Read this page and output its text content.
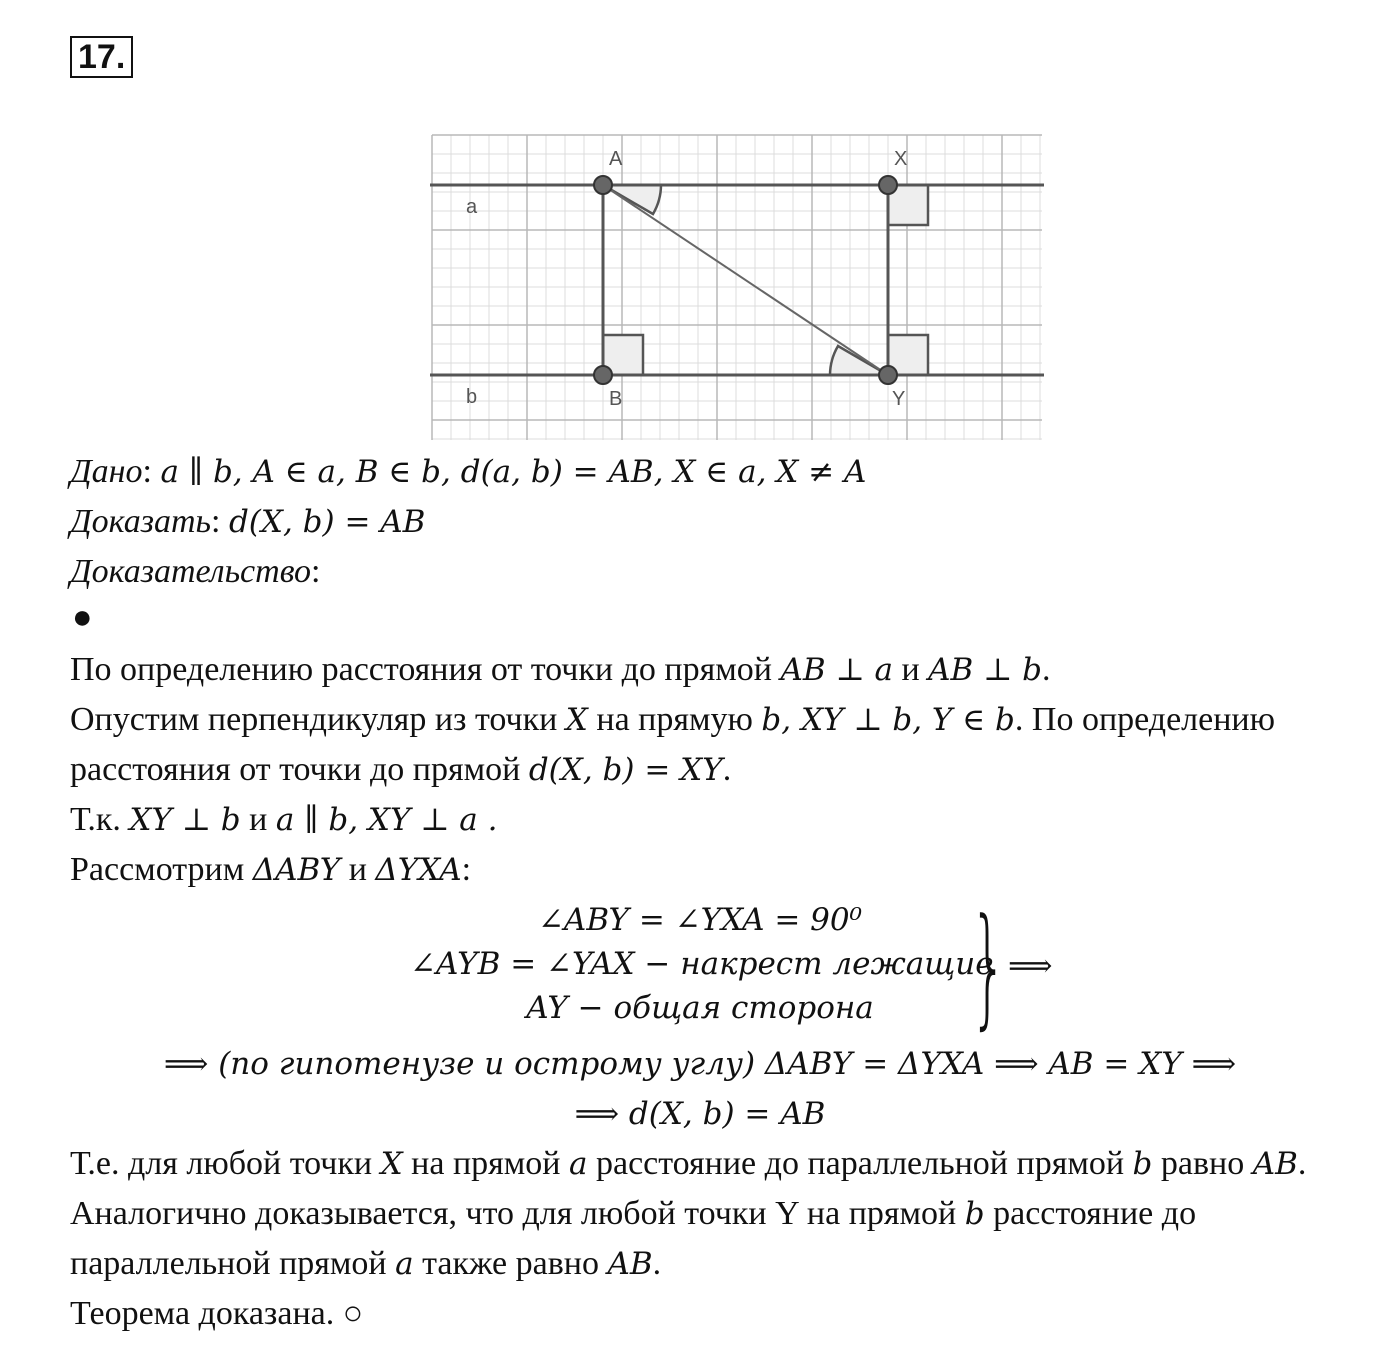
17.
A	X
B	Y
a
b
Дано: a ∥ b, A ∈ a, B ∈ b, d(a, b) = AB, X ∈ a, X ≠ A
Доказать: d(X, b) = AB
Доказательство:
●
По определению расстояния от точки до прямой AB ⊥ a и AB ⊥ b.
Опустим перпендикуляр из точки X на прямую b, XY ⊥ b, Y ∈ b. По определению
расстояния от точки до прямой d(X, b) = XY.
Т.к. XY ⊥ b и a ∥ b, XY ⊥ a .
Рассмотрим ΔABY и ΔYXA:
∠ABY = ∠YXA = 90⁰
∠AYB = ∠YAX − накрест лежащие
AY − общая сторона } ⟹
⟹ (по гипотенузе и острому углу) ΔABY = ΔYXA ⟹ AB = XY ⟹
⟹ d(X, b) = AB
Т.е. для любой точки X на прямой a расстояние до параллельной прямой b равно AB.
Аналогично доказывается, что для любой точки Y на прямой b расстояние до
параллельной прямой a также равно AB.
Теорема доказана. ○
